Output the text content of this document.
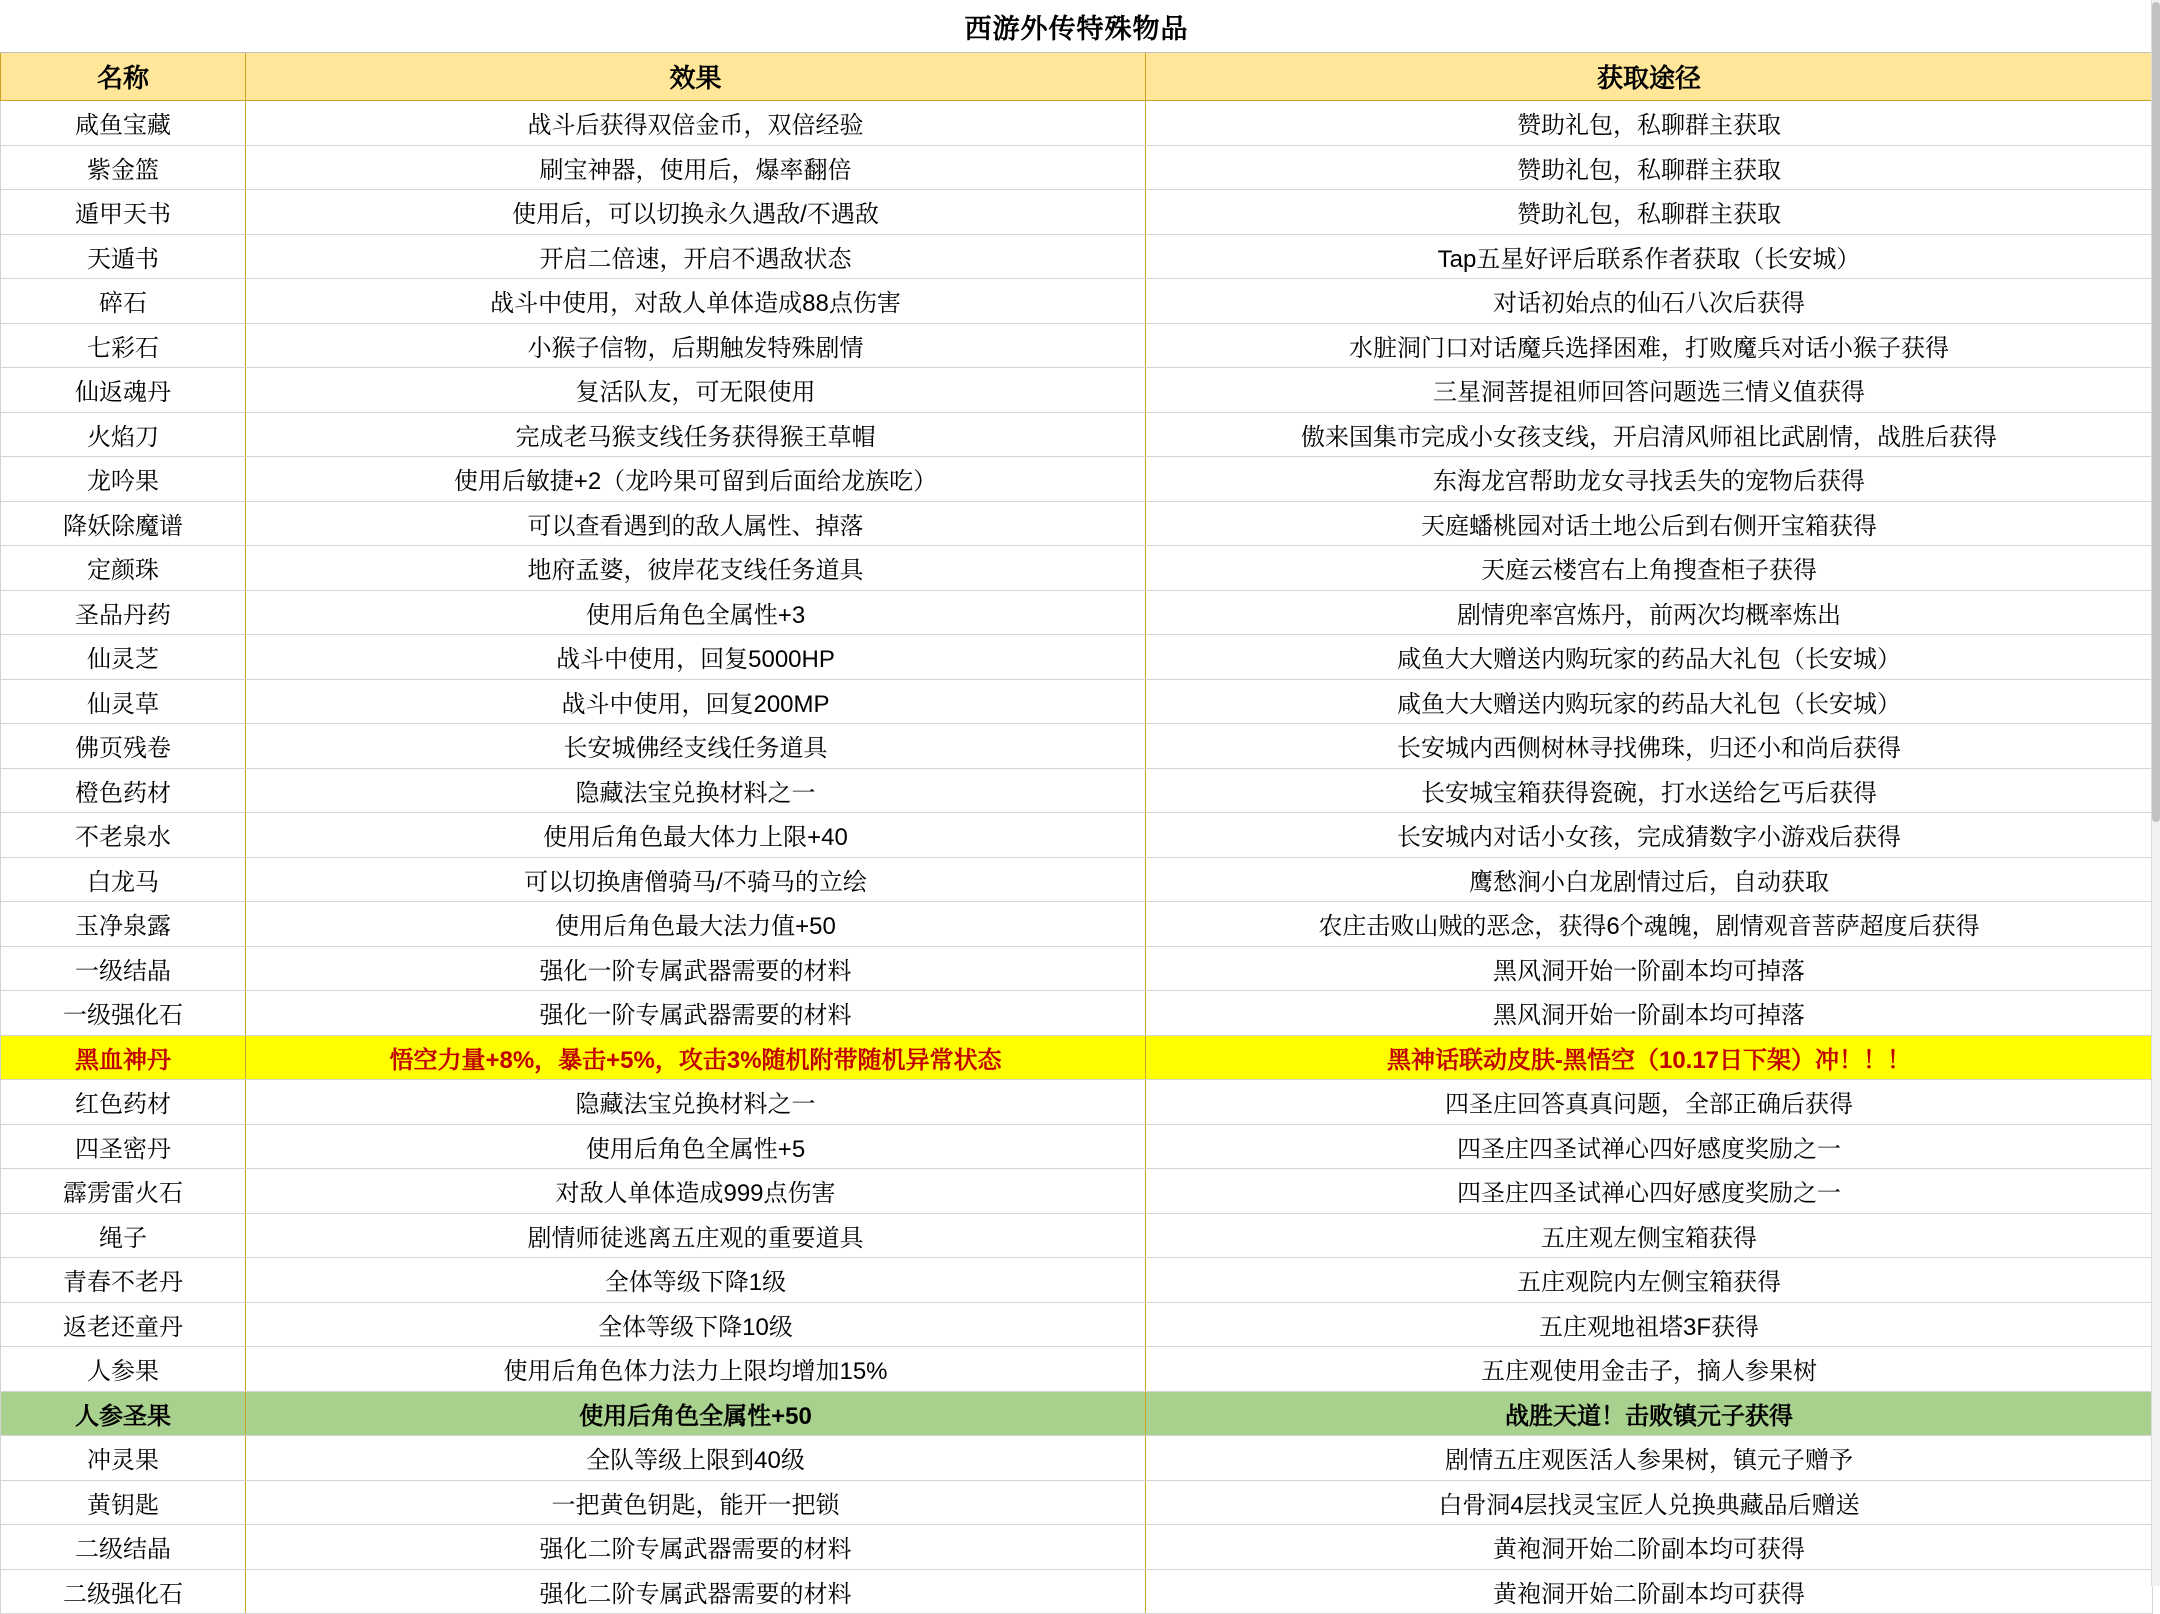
西游外传特殊物品		
名称	效果	获取途径
咸鱼宝藏	战斗后获得双倍金币，双倍经验	赞助礼包，私聊群主获取
紫金篮	刷宝神器，使用后，爆率翻倍	赞助礼包，私聊群主获取
遁甲天书	使用后，可以切换永久遇敌/不遇敌	赞助礼包，私聊群主获取
天遁书	开启二倍速，开启不遇敌状态	Tap五星好评后联系作者获取（长安城）
碎石	战斗中使用，对敌人单体造成88点伤害	对话初始点的仙石八次后获得
七彩石	小猴子信物，后期触发特殊剧情	水脏洞门口对话魔兵选择困难，打败魔兵对话小猴子获得
仙返魂丹	复活队友，可无限使用	三星洞菩提祖师回答问题选三情义值获得
火焰刀	完成老马猴支线任务获得猴王草帽	傲来国集市完成小女孩支线，开启清风师祖比武剧情，战胜后获得
龙吟果	使用后敏捷+2（龙吟果可留到后面给龙族吃）	东海龙宫帮助龙女寻找丢失的宠物后获得
降妖除魔谱	可以查看遇到的敌人属性、掉落	天庭蟠桃园对话土地公后到右侧开宝箱获得
定颜珠	地府孟婆，彼岸花支线任务道具	天庭云楼宫右上角搜查柜子获得
圣品丹药	使用后角色全属性+3	剧情兜率宫炼丹，前两次均概率炼出
仙灵芝	战斗中使用，回复5000HP	咸鱼大大赠送内购玩家的药品大礼包（长安城）
仙灵草	战斗中使用，回复200MP	咸鱼大大赠送内购玩家的药品大礼包（长安城）
佛页残卷	长安城佛经支线任务道具	长安城内西侧树林寻找佛珠，归还小和尚后获得
橙色药材	隐藏法宝兑换材料之一	长安城宝箱获得瓷碗，打水送给乞丐后获得
不老泉水	使用后角色最大体力上限+40	长安城内对话小女孩，完成猜数字小游戏后获得
白龙马	可以切换唐僧骑马/不骑马的立绘	鹰愁涧小白龙剧情过后，自动获取
玉净泉露	使用后角色最大法力值+50	农庄击败山贼的恶念，获得6个魂魄，剧情观音菩萨超度后获得
一级结晶	强化一阶专属武器需要的材料	黑风洞开始一阶副本均可掉落
一级强化石	强化一阶专属武器需要的材料	黑风洞开始一阶副本均可掉落
黑血神丹	悟空力量+8%，暴击+5%，攻击3%随机附带随机异常状态	黑神话联动皮肤-黑悟空（10.17日下架）冲！！！
红色药材	隐藏法宝兑换材料之一	四圣庄回答真真问题，全部正确后获得
四圣密丹	使用后角色全属性+5	四圣庄四圣试禅心四好感度奖励之一
霹雳雷火石	对敌人单体造成999点伤害	四圣庄四圣试禅心四好感度奖励之一
绳子	剧情师徒逃离五庄观的重要道具	五庄观左侧宝箱获得
青春不老丹	全体等级下降1级	五庄观院内左侧宝箱获得
返老还童丹	全体等级下降10级	五庄观地祖塔3F获得
人参果	使用后角色体力法力上限均增加15%	五庄观使用金击子，摘人参果树
人参圣果	使用后角色全属性+50	战胜天道！击败镇元子获得
冲灵果	全队等级上限到40级	剧情五庄观医活人参果树，镇元子赠予
黄钥匙	一把黄色钥匙，能开一把锁	白骨洞4层找灵宝匠人兑换典藏品后赠送
二级结晶	强化二阶专属武器需要的材料	黄袍洞开始二阶副本均可获得
二级强化石	强化二阶专属武器需要的材料	黄袍洞开始二阶副本均可获得
